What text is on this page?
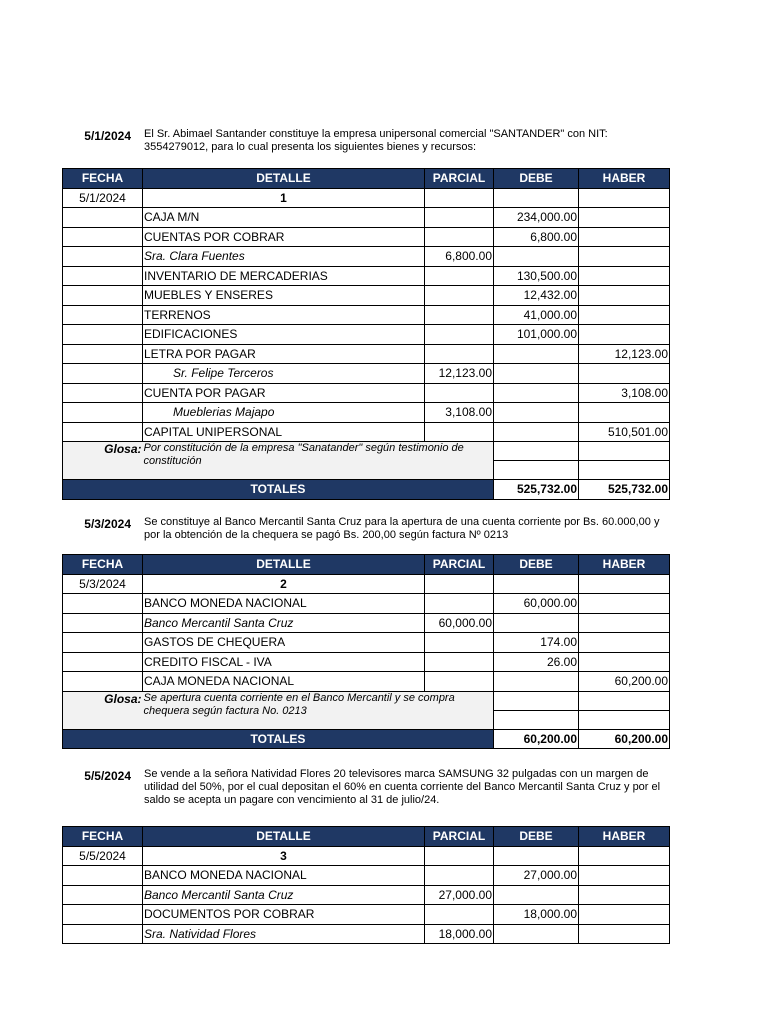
5/1/2024 El Sr. Abimael Santander constituye la empresa unipersonal comercial "SANTANDER" con NIT: 3554279012, para lo cual presenta los siguientes bienes y recursos:
FECHA	DETALLE	PARCIAL	DEBE	HABER
5/1/2024	1			
	CAJA M/N		234,000.00	
	CUENTAS POR COBRAR		6,800.00	
	Sra. Clara Fuentes	6,800.00		
	INVENTARIO DE MERCADERIAS		130,500.00	
	MUEBLES Y ENSERES		12,432.00	
	TERRENOS		41,000.00	
	EDIFICACIONES		101,000.00	
	LETRA POR PAGAR			12,123.00
	Sr. Felipe Terceros	12,123.00		
	CUENTA POR PAGAR			3,108.00
	Mueblerias Majapo	3,108.00		
	CAPITAL UNIPERSONAL			510,501.00
Glosa:	Por constitución de la empresa "Sanatander" según testimonio de constitución			

TOTALES			525,732.00	525,732.00
5/3/2024 Se constituye al Banco Mercantil Santa Cruz para la apertura de una cuenta corriente por Bs. 60.000,00 y por la obtención de la chequera se pagó Bs. 200,00 según factura Nº 0213
FECHA	DETALLE	PARCIAL	DEBE	HABER
5/3/2024	2			
	BANCO MONEDA NACIONAL		60,000.00	
	Banco Mercantil Santa Cruz	60,000.00		
	GASTOS DE CHEQUERA		174.00	
	CREDITO FISCAL - IVA		26.00	
	CAJA MONEDA NACIONAL			60,200.00
Glosa:	Se apertura cuenta corriente en el Banco Mercantil y se compra chequera según factura No. 0213			

TOTALES			60,200.00	60,200.00
5/5/2024 Se vende a la señora Natividad Flores 20 televisores marca SAMSUNG 32 pulgadas con un margen de utilidad del 50%, por el cual depositan el 60% en cuenta corriente del Banco Mercantil Santa Cruz y por el saldo se acepta un pagare con vencimiento al 31 de julio/24.
FECHA	DETALLE	PARCIAL	DEBE	HABER
5/5/2024	3			
	BANCO MONEDA NACIONAL		27,000.00	
	Banco Mercantil Santa Cruz	27,000.00		
	DOCUMENTOS POR COBRAR		18,000.00	
	Sra. Natividad Flores	18,000.00		
